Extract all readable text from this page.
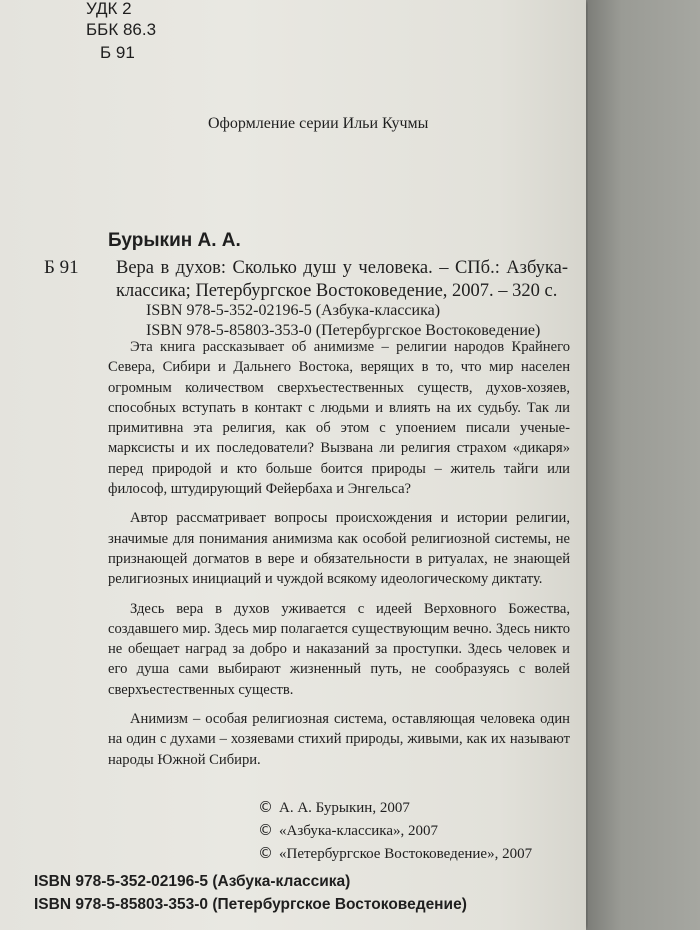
УДК 2
ББК 86.3
Б 91
Оформление серии Ильи Кучмы
Бурыкин А. А.
Б 91 Вера в духов: Сколько душ у человека. – СПб.: Азбука-классика; Петербургское Востоковедение, 2007. – 320 с.
ISBN 978-5-352-02196-5 (Азбука-классика)
ISBN 978-5-85803-353-0 (Петербургское Востоковедение)

Эта книга рассказывает об анимизме – религии народов Крайнего Севера, Сибири и Дальнего Востока, верящих в то, что мир населен огромным количеством сверхъестественных существ, духов-хозяев, способных вступать в контакт с людьми и влиять на их судьбу. Так ли примитивна эта религия, как об этом с упоением писали ученые-марксисты и их последователи? Вызвана ли религия страхом «дикаря» перед природой и кто больше боится природы – житель тайги или философ, штудирующий Фейербаха и Энгельса?

Автор рассматривает вопросы происхождения и истории религии, значимые для понимания анимизма как особой религиозной системы, не признающей догматов в вере и обязательности в ритуалах, не знающей религиозных инициаций и чуждой всякому идеологическому диктату.

Здесь вера в духов уживается с идеей Верховного Божества, создавшего мир. Здесь мир полагается существующим вечно. Здесь никто не обещает наград за добро и наказаний за проступки. Здесь человек и его душа сами выбирают жизненный путь, не сообразуясь с волей сверхъестественных существ.

Анимизм – особая религиозная система, оставляющая человека один на один с духами – хозяевами стихий природы, живыми, как их называют народы Южной Сибири.

© А. А. Бурыкин, 2007
© «Азбука-классика», 2007
© «Петербургское Востоковедение», 2007
ISBN 978-5-352-02196-5 (Азбука-классика)
ISBN 978-5-85803-353-0 (Петербургское Востоковедение)
